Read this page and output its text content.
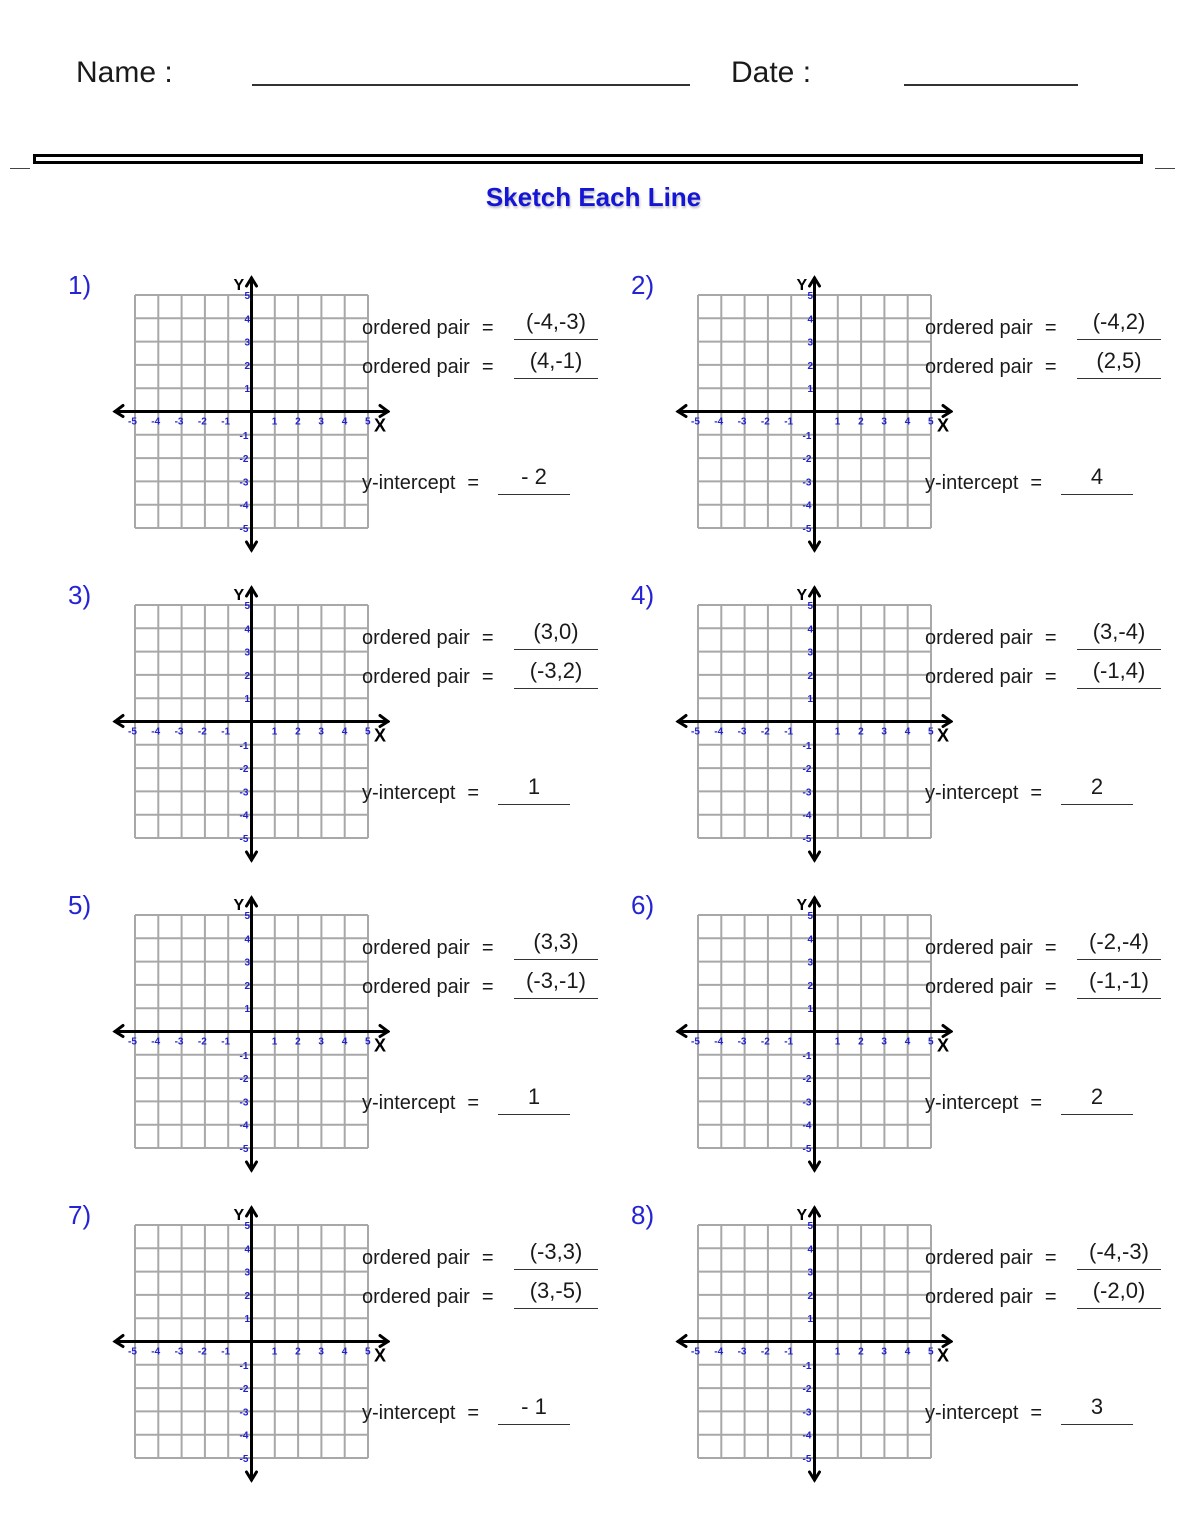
Name :	Date :
Sketch Each Line
1)
X
Y
-5 -4 -3 -2 -1	1 2 3 4 5
5
4
3
2
1
-1
-2
-3
-4
-5
ordered pair =	(-4,-3)
ordered pair =	(4,-1)
y-intercept =	- 2
2)
X
Y
-5 -4 -3 -2 -1	1 2 3 4 5
5
4
3
2
1
-1
-2
-3
-4
-5
ordered pair =	(-4,2)
ordered pair =	(2,5)
y-intercept =	4
3)
X
Y
-5 -4 -3 -2 -1	1 2 3 4 5
5
4
3
2
1
-1
-2
-3
-4
-5
ordered pair =	(3,0)
ordered pair =	(-3,2)
y-intercept =	1
4)
X
Y
-5 -4 -3 -2 -1	1 2 3 4 5
5
4
3
2
1
-1
-2
-3
-4
-5
ordered pair =	(3,-4)
ordered pair =	(-1,4)
y-intercept =	2
5)
X
Y
-5 -4 -3 -2 -1	1 2 3 4 5
5
4
3
2
1
-1
-2
-3
-4
-5
ordered pair =	(3,3)
ordered pair =	(-3,-1)
y-intercept =	1
6)
X
Y
-5 -4 -3 -2 -1	1 2 3 4 5
5
4
3
2
1
-1
-2
-3
-4
-5
ordered pair =	(-2,-4)
ordered pair =	(-1,-1)
y-intercept =	2
7)
X
Y
-5 -4 -3 -2 -1	1 2 3 4 5
5
4
3
2
1
-1
-2
-3
-4
-5
ordered pair =	(-3,3)
ordered pair =	(3,-5)
y-intercept =	- 1
8)
X
Y
-5 -4 -3 -2 -1	1 2 3 4 5
5
4
3
2
1
-1
-2
-3
-4
-5
ordered pair =	(-4,-3)
ordered pair =	(-2,0)
y-intercept =	3
